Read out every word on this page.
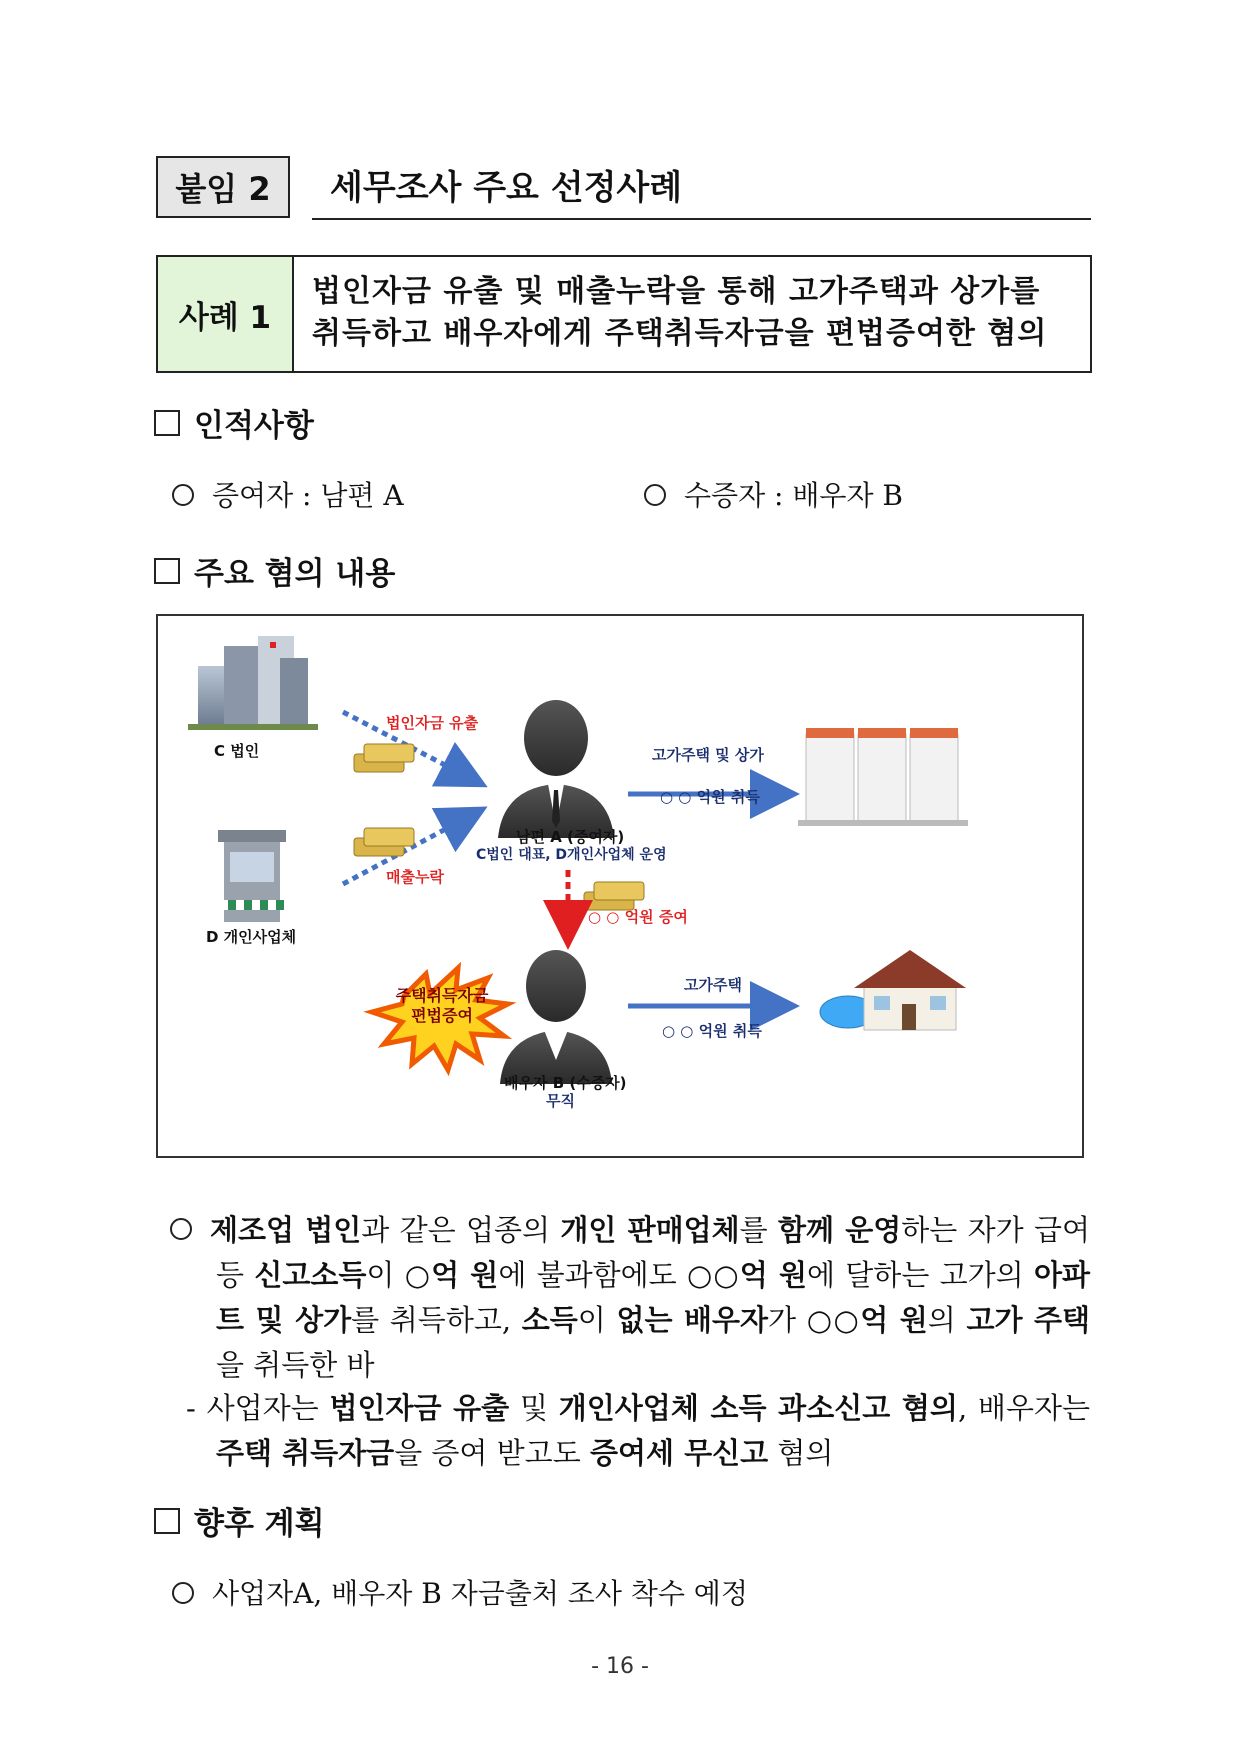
붙임 2 세무조사 주요 선정사례
사례 1
법인자금 유출 및 매출누락을 통해 고가주택과 상가를
취득하고 배우자에게 주택취득자금을 편법증여한 혐의
인적사항
증여자 : 남편 A	수증자 : 배우자 B
주요 혐의 내용
C 법인
D 개인사업체
법인자금 유출
매출누락
남편 A (증여자)
C법인 대표, D개인사업체 운영
고가주택 및 상가
○ ○ 억원 취득
○ ○ 억원 증여
주택취득자금
편법증여
배우자 B (수증자)
무직
고가주택
○ ○ 억원 취득
제조업 법인과 같은 업종의 개인 판매업체를 함께 운영하는 자가 급여 등 신고소득이 ○억 원에 불과함에도 ○○억 원에 달하는 고가의 아파트 및 상가를 취득하고, 소득이 없는 배우자가 ○○억 원의 고가 주택을 취득한 바
- 사업자는 법인자금 유출 및 개인사업체 소득 과소신고 혐의, 배우자는 주택 취득자금을 증여 받고도 증여세 무신고 혐의
향후 계획
사업자A, 배우자 B 자금출처 조사 착수 예정
- 16 -
